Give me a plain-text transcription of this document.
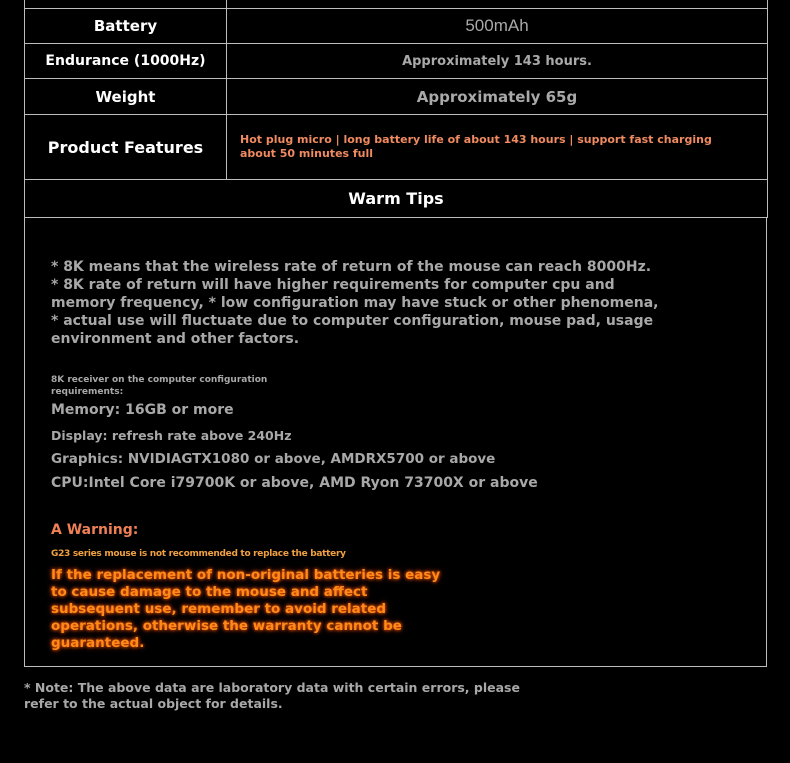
Battery	500mAh
Endurance (1000Hz)	Approximately 143 hours.
Weight	Approximately 65g
Product Features	Hot plug micro | long battery life of about 143 hours | support fast charging about 50 minutes full
Warm Tips	

* 8K means that the wireless rate of return of the mouse can reach 8000Hz. * 8K rate of return will have higher requirements for computer cpu and memory frequency, * low configuration may have stuck or other phenomena, * actual use will fluctuate due to computer configuration, mouse pad, usage environment and other factors.

8K receiver on the computer configuration requirements:

Memory: 16GB or more

Display: refresh rate above 240Hz

Graphics: NVIDIAGTX1080 or above, AMDRX5700 or above

CPU:Intel Core i79700K or above, AMD Ryon 73700X or above

A Warning:

G23 series mouse is not recommended to replace the battery

If the replacement of non-original batteries is easy to cause damage to the mouse and affect subsequent use, remember to avoid related operations, otherwise the warranty cannot be guaranteed.

* Note: The above data are laboratory data with certain errors, please refer to the actual object for details.
